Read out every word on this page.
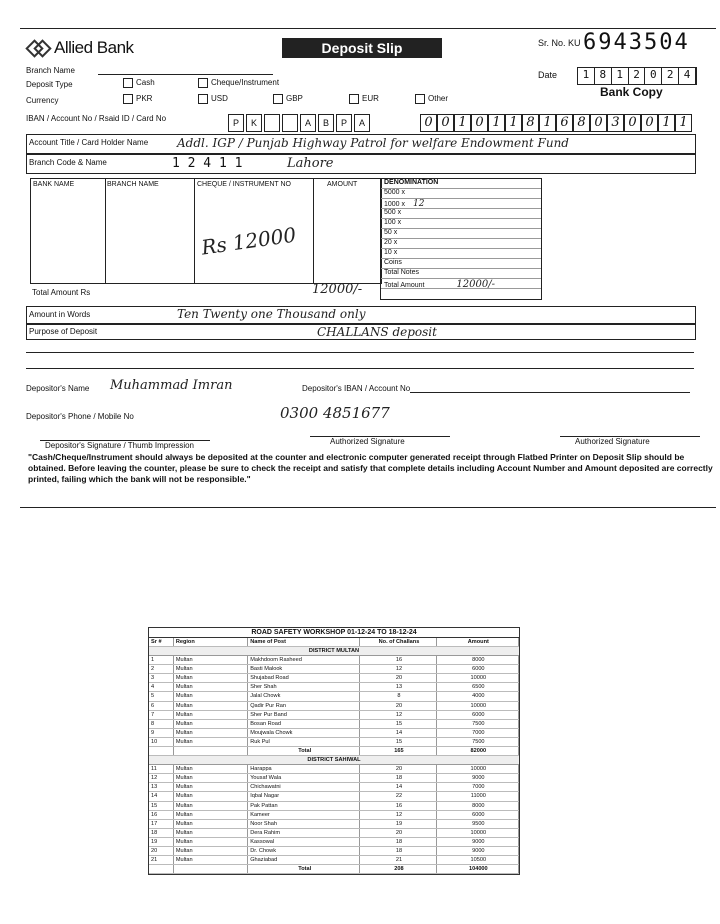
Allied Bank	Deposit Slip	Sr. No. KU 6943504
Date	1 8 1 2 0 2 4
Bank Copy
Branch Name
Deposit Type	Cash	Cheque/Instrument
Currency	PKR	USD	GBP	EUR	Other
IBAN / Account No / Rsaid ID / Card No	P	K	A	B	P	A	0 0 1 0 1 1 8 1 6 8 0 3 0 0 1 1
Account Title / Card Holder Name Addl. IGP / Punjab Highway Patrol for welfare Endowment Fund
Branch Code & Name	1 2 4 1 1	Lahore
BANK NAME	BRANCH NAME	CHEQUE / INSTRUMENT NO	AMOUNT
Rs 12000
Total Amount Rs	12000/-
DENOMINATION
5000 x
1000 x 12
500 x
100 x
50 x
20 x
10 x
Coins
Total Notes
Total Amount	12000/-
Amount in Words	Ten Twenty one Thousand only
Purpose of Deposit	CHALLANS deposit
Depositor's Name Muhammad Imran	Depositor's IBAN / Account No
Depositor's Phone / Mobile No	0300 4851677
Depositor's Signature / Thumb Impression	Authorized Signature	Authorized Signature
"Cash/Cheque/Instrument should always be deposited at the counter and electronic computer generated receipt through Flatbed Printer on Deposit Slip should be obtained. Before leaving the counter, please be sure to check the receipt and satisfy that complete details including Account Number and Amount deposited are correctly printed, failing which the bank will not be responsible."
ROAD SAFETY WORKSHOP 01-12-24 TO 18-12-24
Sr #	Region	Name of Post	No. of Challans	Amount
DISTRICT MULTAN
1	Multan	Makhdoom Rasheed	16	8000
2	Multan	Basti Malook	12	6000
3	Multan	Shujabad Road	20	10000
4	Multan	Sher Shah	13	6500
5	Multan	Jalal Chowk	8	4000
6	Multan	Qadir Pur Ran	20	10000
7	Multan	Sher Pur Band	12	6000
8	Multan	Bosan Road	15	7500
9	Multan	Moujwala Chowk	14	7000
10	Multan	Ruk Pul	15	7500
Total	165	82000
DISTRICT SAHIWAL
11	Multan	Harappa	20	10000
12	Multan	Yousaf Wala	18	9000
13	Multan	Chichawatni	14	7000
14	Multan	Iqbal Nagar	22	11000
15	Multan	Pak Pattan	16	8000
16	Multan	Kameer	12	6000
17	Multan	Noor Shah	19	9500
18	Multan	Dera Rahim	20	10000
19	Multan	Kassowal	18	9000
20	Multan	Dr. Chowk	18	9000
21	Multan	Ghaziabad	21	10500
Total	208	104000
